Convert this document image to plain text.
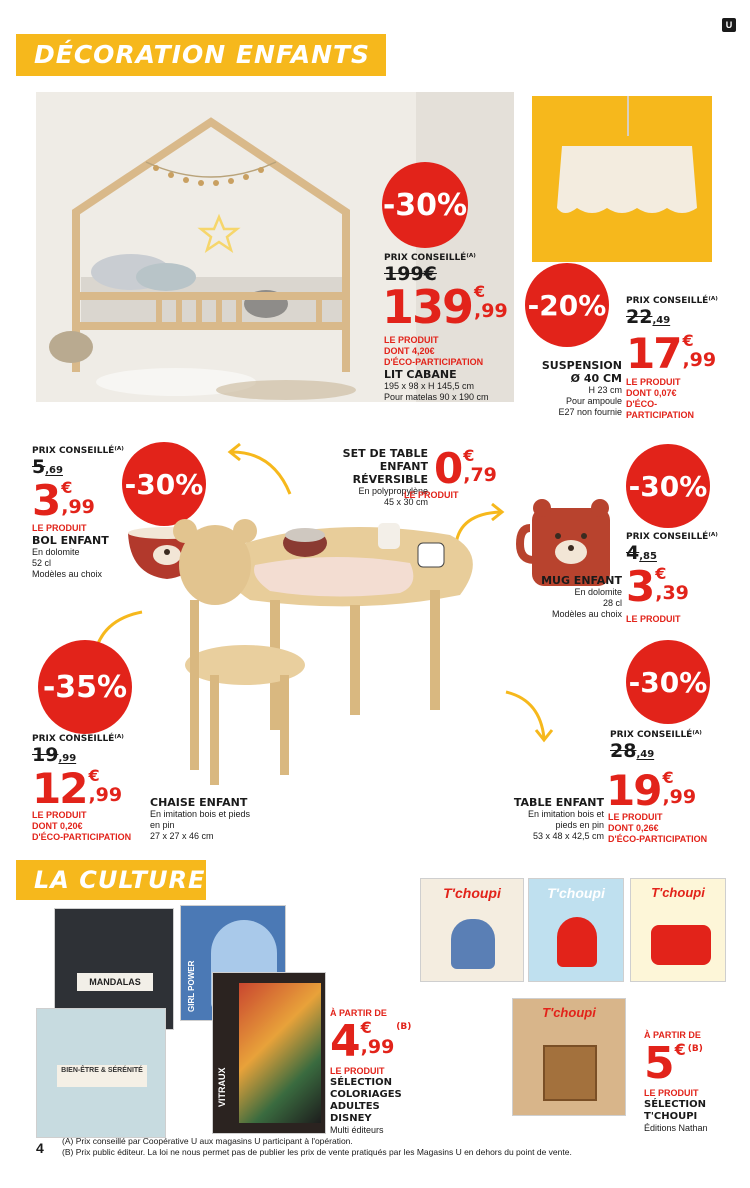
U
DÉCORATION ENFANTS
-30%
PRIX CONSEILLÉ⁽ᴬ⁾
199€
139 €
,99
LE PRODUIT
DONT 4,20€
D'ÉCO-PARTICIPATION
LIT CABANE
195 x 98 x H 145,5 cm
Pour matelas 90 x 190 cm
-20% PRIX CONSEILLÉ⁽ᴬ⁾
22,49
17 €
,99
LE PRODUIT
DONT 0,07€
D'ÉCO-
PARTICIPATION
SUSPENSION
Ø 40 CM
H 23 cm
Pour ampoule
E27 non fournie
PRIX CONSEILLÉ⁽ᴬ⁾
5,69
3 €
,99
LE PRODUIT
BOL ENFANT
En dolomite
52 cl
Modèles au choix
-30%
SET DE TABLE
ENFANT
RÉVERSIBLE
En polypropylène
45 x 30 cm
0 €
,79
LE PRODUIT	-30%
PRIX CONSEILLÉ⁽ᴬ⁾
4,85
3 €
,39
LE PRODUIT
MUG ENFANT
En dolomite
28 cl
Modèles au choix
-35%
PRIX CONSEILLÉ⁽ᴬ⁾
19,99
12 €
,99
LE PRODUIT
DONT 0,20€
D'ÉCO-PARTICIPATION
CHAISE ENFANT
En imitation bois et pieds
en pin
27 x 27 x 46 cm
-30%
PRIX CONSEILLÉ⁽ᴬ⁾
28,49
19 €
,99
LE PRODUIT
DONT 0,26€
D'ÉCO-PARTICIPATION
TABLE ENFANT
En imitation bois et
pieds en pin
53 x 48 x 42,5 cm
LA CULTURE
MANDALAS	GIRL POWER
BIEN-ÊTRE & SÉRÉNITÉ	VITRAUX
À PARTIR DE
4 €
,99
(B)
LE PRODUIT
SÉLECTION
COLORIAGES
ADULTES
DISNEY
Multi éditeurs
T'choupi	T'choupi	T'choupi
T'choupi
À PARTIR DE
5 € (B)
LE PRODUIT
SÉLECTION
T'CHOUPI
Éditions Nathan
4 (A) Prix conseillé par Coopérative U aux magasins U participant à l'opération.
(B) Prix public éditeur. La loi ne nous permet pas de publier les prix de vente pratiqués par les Magasins U en dehors du point de vente.
